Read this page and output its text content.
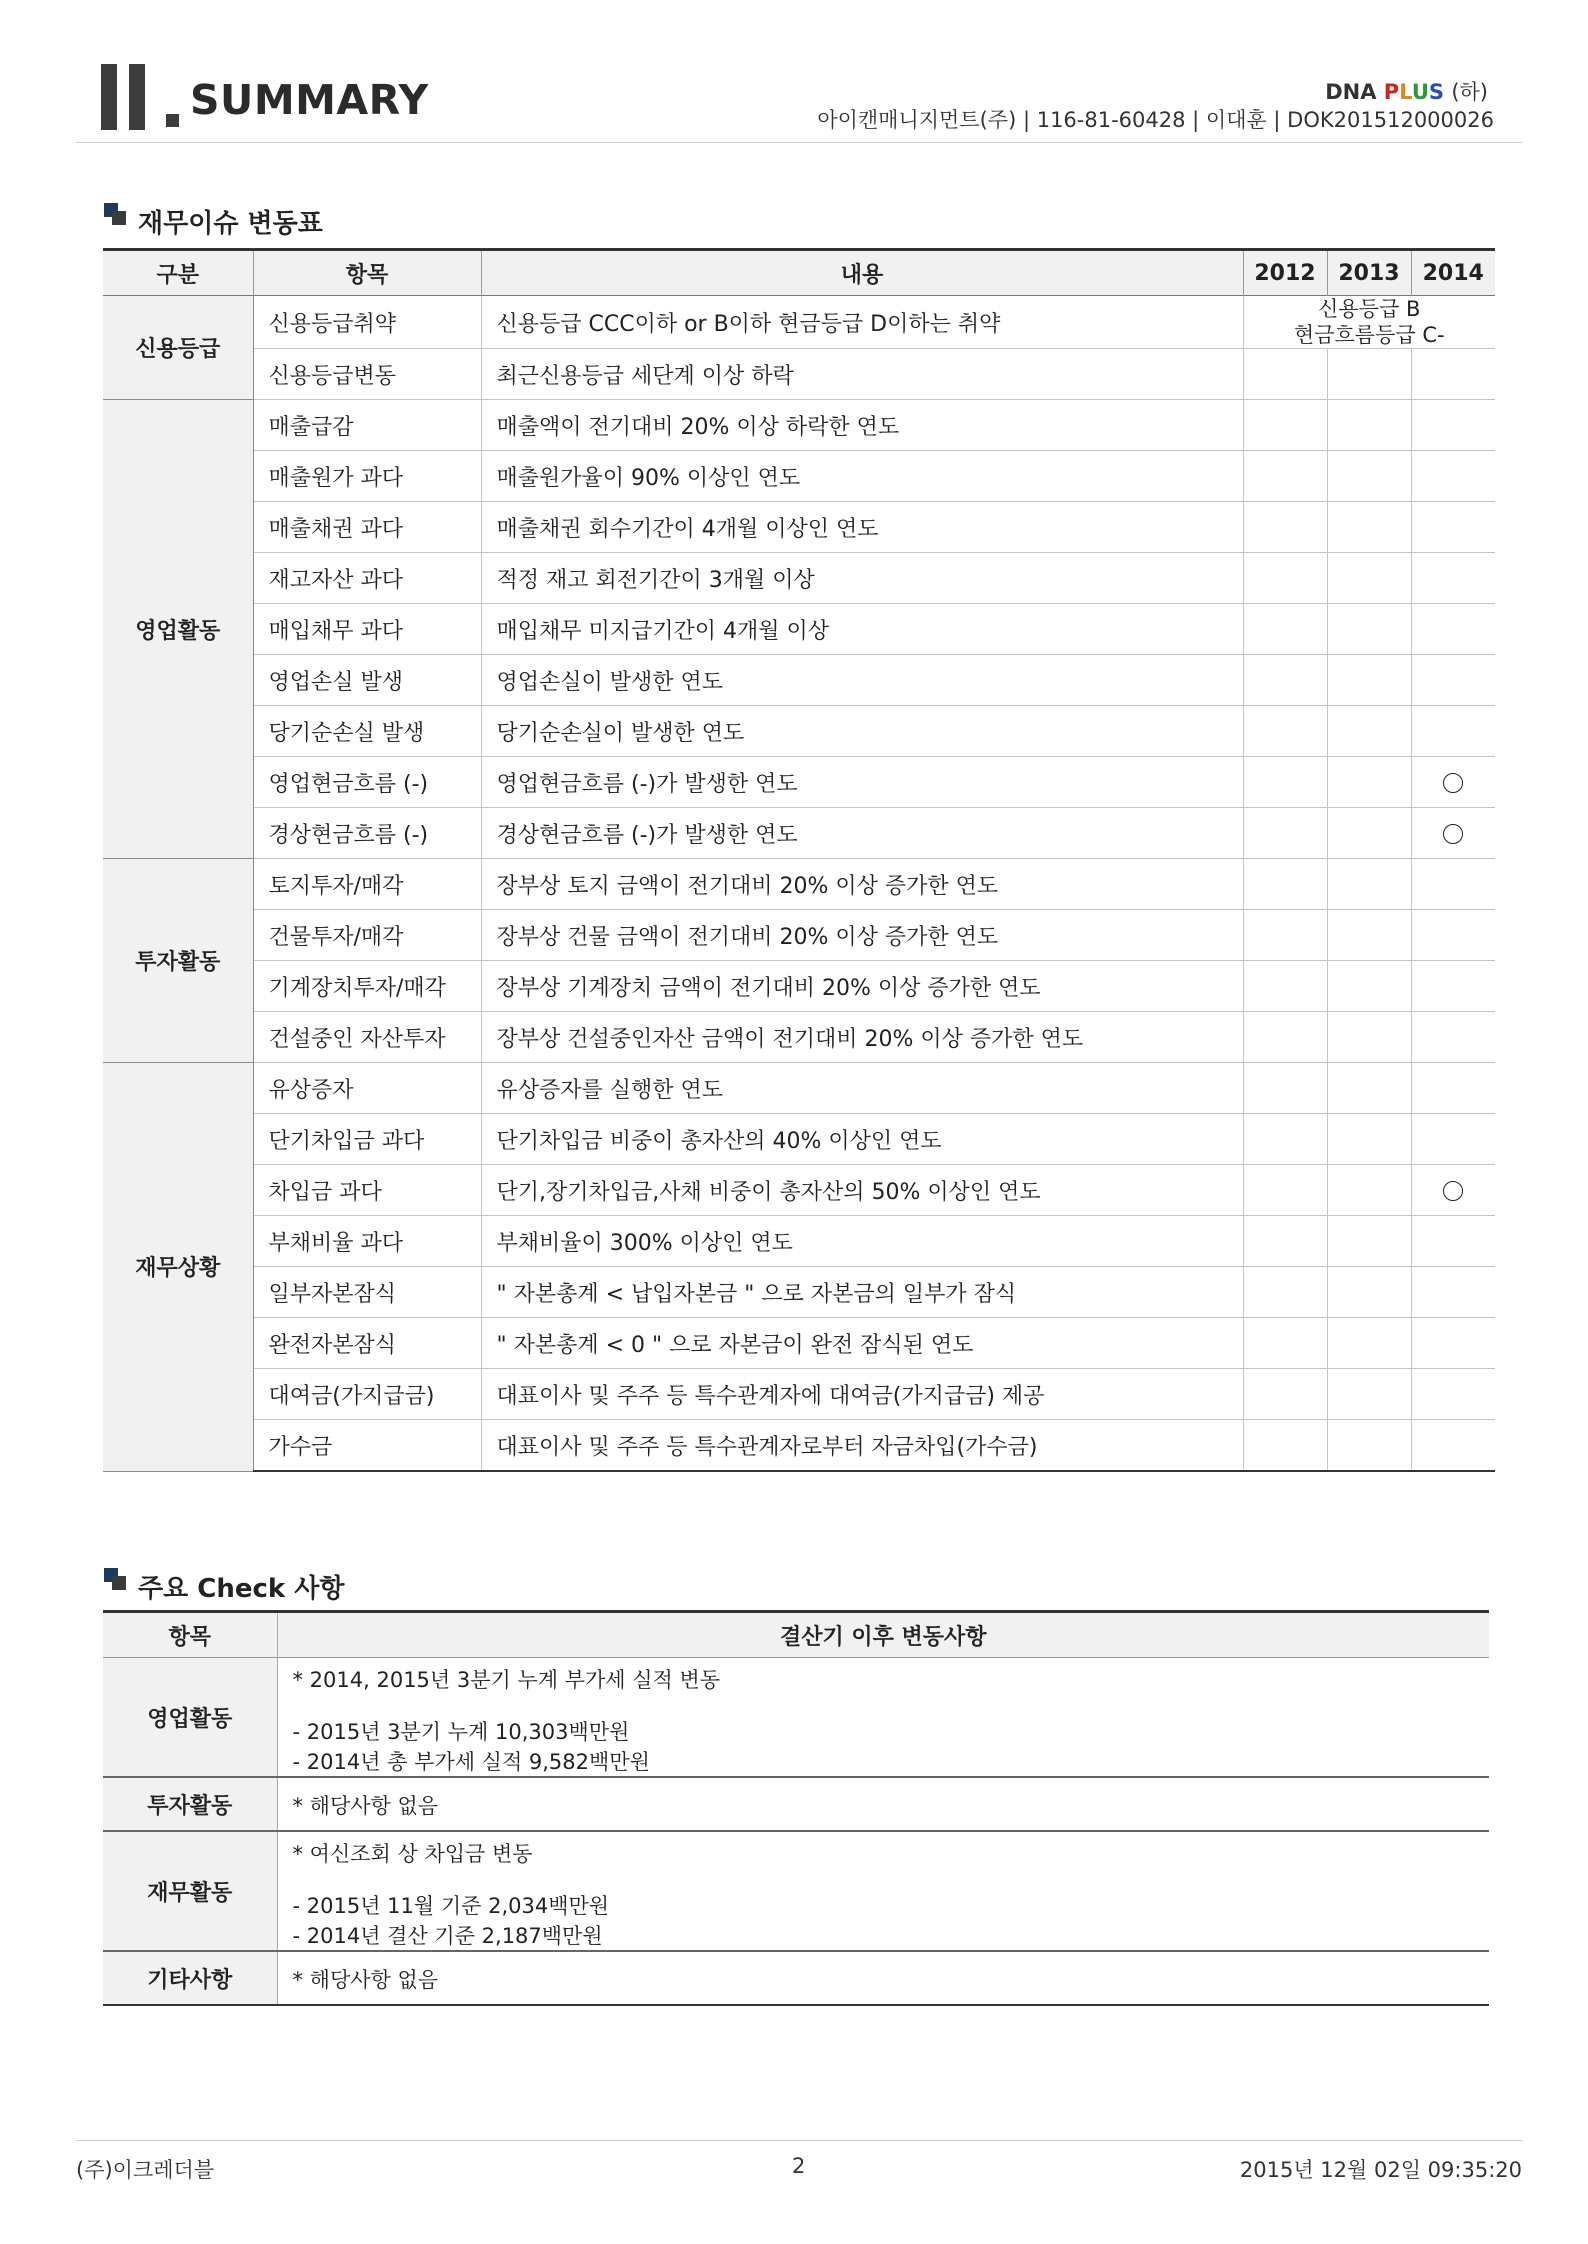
SUMMARY	DNA PLUS (하)
아이캔매니지먼트(주) | 116-81-60428 | 이대훈 | DOK201512000026
재무이슈 변동표
구분	항목	내용	2012	2013	2014
신용등급	신용등급취약	신용등급 CCC이하 or B이하 현금등급 D이하는 취약	신용등급 B
현금흐름등급 C-		

	신용등급변동	최근신용등급 세단계 이상 하락			
영업활동	매출급감	매출액이 전기대비 20% 이상 하락한 연도			
	매출원가 과다	매출원가율이 90% 이상인 연도			
	매출채권 과다	매출채권 회수기간이 4개월 이상인 연도			
	재고자산 과다	적정 재고 회전기간이 3개월 이상			
	매입채무 과다	매입채무 미지급기간이 4개월 이상			
	영업손실 발생	영업손실이 발생한 연도			
	당기순손실 발생	당기순손실이 발생한 연도			
	영업현금흐름 (-)	영업현금흐름 (-)가 발생한 연도			
	경상현금흐름 (-)	경상현금흐름 (-)가 발생한 연도			
투자활동	토지투자/매각	장부상 토지 금액이 전기대비 20% 이상 증가한 연도			
	건물투자/매각	장부상 건물 금액이 전기대비 20% 이상 증가한 연도			
	기계장치투자/매각	장부상 기계장치 금액이 전기대비 20% 이상 증가한 연도			
	건설중인 자산투자	장부상 건설중인자산 금액이 전기대비 20% 이상 증가한 연도			
재무상황	유상증자	유상증자를 실행한 연도			
	단기차입금 과다	단기차입금 비중이 총자산의 40% 이상인 연도			
	차입금 과다	단기,장기차입금,사채 비중이 총자산의 50% 이상인 연도			
	부채비율 과다	부채비율이 300% 이상인 연도			
	일부자본잠식	" 자본총계 < 납입자본금 " 으로 자본금의 일부가 잠식			
	완전자본잠식	" 자본총계 < 0 " 으로 자본금이 완전 잠식된 연도			
	대여금(가지급금)	대표이사 및 주주 등 특수관계자에 대여금(가지급금) 제공			
	가수금	대표이사 및 주주 등 특수관계자로부터 자금차입(가수금)			
주요 Check 사항
항목	결산기 이후 변동사항
영업활동	* 2014, 2015년 3분기 누계 부가세 실적 변동
- 2015년 3분기 누계 10,303백만원
- 2014년 총 부가세 실적 9,582백만원

투자활동	* 해당사항 없음

재무활동	* 여신조회 상 차입금 변동
- 2015년 11월 기준 2,034백만원
- 2014년 결산 기준 2,187백만원

기타사항	* 해당사항 없음
(주)이크레더블	2	2015년 12월 02일 09:35:20
